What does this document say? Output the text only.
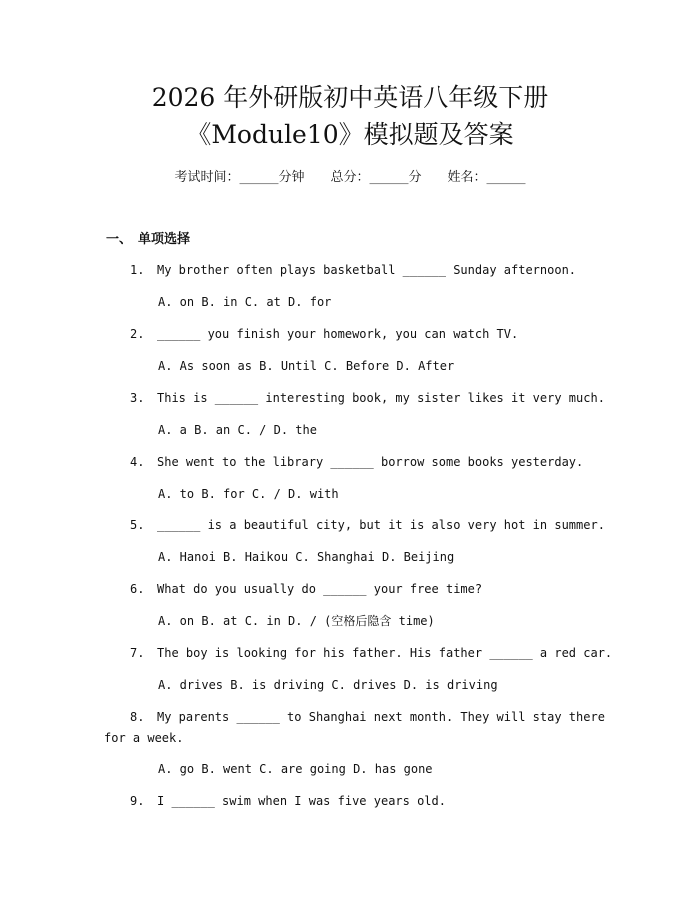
2026 年外研版初中英语八年级下册
《Module10》模拟题及答案
考试时间：______分钟 总分：______分 姓名：______
一、 单项选择
1. My brother often plays basketball ______ Sunday afternoon.
A. on B. in C. at D. for
2. ______ you finish your homework, you can watch TV.
A. As soon as B. Until C. Before D. After
3. This is ______ interesting book, my sister likes it very much.
A. a B. an C. / D. the
4. She went to the library ______ borrow some books yesterday.
A. to B. for C. / D. with
5. ______ is a beautiful city, but it is also very hot in summer.
A. Hanoi B. Haikou C. Shanghai D. Beijing
6. What do you usually do ______ your free time?
A. on B. at C. in D. / (空格后隐含 time)
7. The boy is looking for his father. His father ______ a red car.
A. drives B. is driving C. drives D. is driving
8. My parents ______ to Shanghai next month. They will stay there
for a week.
A. go B. went C. are going D. has gone
9. I ______ swim when I was five years old.
